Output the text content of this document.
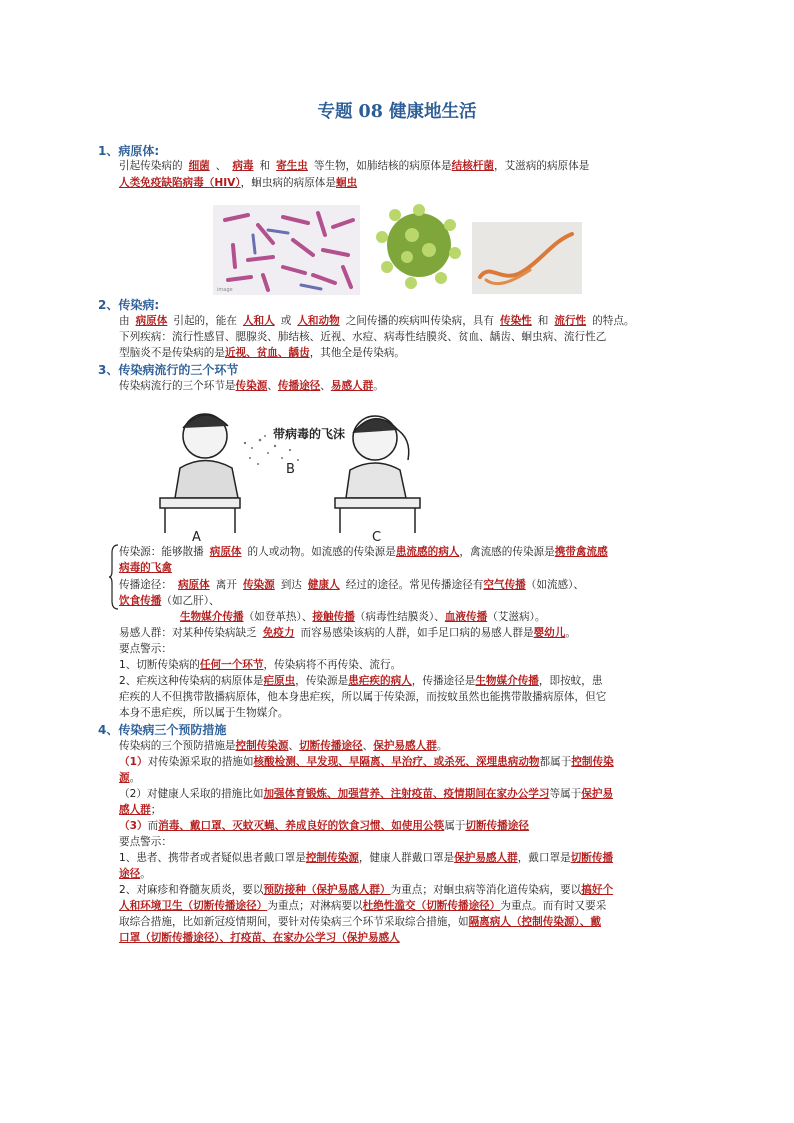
专题 08 健康地生活
1、病原体:
引起传染病的 细菌 、 病毒 和 寄生虫 等生物，如肺结核的病原体是结核杆菌，艾滋病的病原体是
人类免疫缺陷病毒（HIV），蛔虫病的病原体是蛔虫
image
2、传染病:
由 病原体 引起的，能在 人和人 或 人和动物 之间传播的疾病叫传染病，具有 传染性 和 流行性 的特点。
下列疾病：流行性感冒、腮腺炎、肺结核、近视、水痘、病毒性结膜炎、贫血、龋齿、蛔虫病、流行性乙
型脑炎不是传染病的是近视、贫血、龋齿，其他全是传染病。
3、传染病流行的三个环节
传染病流行的三个环节是传染源、传播途径、易感人群。
带病毒的飞沫
B
A	C
传染源：能够散播 病原体 的人或动物。如流感的传染源是患流感的病人，禽流感的传染源是携带禽流感
病毒的飞禽
传播途径： 病原体 离开 传染源 到达 健康人 经过的途径。常见传播途径有空气传播（如流感）、
饮食传播（如乙肝）、
生物媒介传播（如登革热）、接触传播（病毒性结膜炎）、血液传播（艾滋病）。
易感人群：对某种传染病缺乏 免疫力 而容易感染该病的人群，如手足口病的易感人群是婴幼儿。
要点警示：
1、切断传染病的任何一个环节，传染病将不再传染、流行。
2、疟疾这种传染病的病原体是疟原虫，传染源是患疟疾的病人，传播途径是生物媒介传播，即按蚊，患
疟疾的人不但携带散播病原体，他本身患疟疾，所以属于传染源，而按蚊虽然也能携带散播病原体，但它
本身不患疟疾，所以属于生物媒介。
4、传染病三个预防措施
传染病的三个预防措施是控制传染源、切断传播途径、保护易感人群。
（1）对传染源采取的措施如核酸检测、早发现、早隔离、早治疗、或杀死、深埋患病动物都属于控制传染
源。
（2）对健康人采取的措施比如加强体育锻炼、加强营养、注射疫苗、疫情期间在家办公学习等属于保护易
感人群；
（3）而消毒、戴口罩、灭蚊灭蝇、养成良好的饮食习惯、如使用公筷属于切断传播途径
要点警示：
1、患者、携带者或者疑似患者戴口罩是控制传染源，健康人群戴口罩是保护易感人群，戴口罩是切断传播
途径。
2、对麻疹和脊髓灰质炎，要以预防接种（保护易感人群）为重点；对蛔虫病等消化道传染病，要以搞好个
人和环境卫生（切断传播途径）为重点；对淋病要以杜绝性滥交（切断传播途径）为重点。而有时又要采
取综合措施，比如新冠疫情期间，要针对传染病三个环节采取综合措施，如隔离病人（控制传染源）、戴
口罩（切断传播途径）、打疫苗、在家办公学习（保护易感人
